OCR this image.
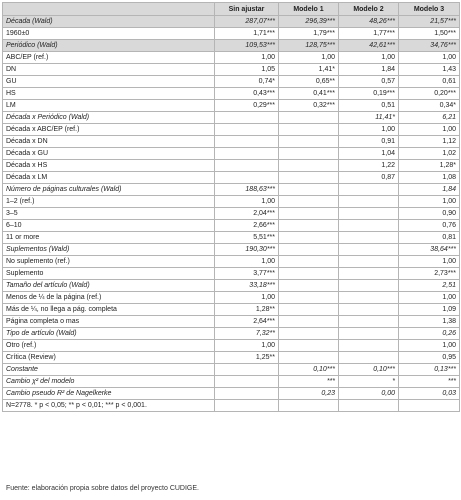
	Sin ajustar	Modelo 1	Modelo 2	Modelo 3
Década (Wald)	287,07***	296,39***	48,26***	21,57***
1960±0	1,71***	1,79***	1,77***	1,50***
Periódico (Wald)	109,53***	128,75***	42,61***	34,76***
ABC/EP (ref.)	1,00	1,00	1,00	1,00
DN	1,05	1,41*	1,84	1,43
GU	0,74*	0,65**	0,57	0,61
HS	0,43***	0,41***	0,19***	0,20***
LM	0,29***	0,32***	0,51	0,34*
Década x Periódico (Wald)			11,41*	6,21
Década x ABC/EP (ref.)			1,00	1,00
Década x DN			0,91	1,12
Década x GU			1,04	1,02
Década x HS			1,22	1,28*
Década x LM			0,87	1,08
Número de páginas culturales (Wald)	188,63***			1,84
1–2 (ref.)	1,00			1,00
3–5	2,04***			0,90
6–10	2,66***			0,76
11 or more	5,51***			0,81
Suplementos (Wald)	190,30***			38,64***
No suplemento (ref.)	1,00			1,00
Suplemento	3,77***			2,73***
Tamaño del artículo (Wald)	33,18***			2,51
Menos de ¼ de la página (ref.)	1,00			1,00
Más de ¼, no llega a pág. completa	1,28**			1,09
Página completa o mas	2,64***			1,38
Tipo de artículo (Wald)	7,32**			0,26
Otro (ref.)	1,00			1,00
Crítica (Review)	1,25**			0,95
Constante		0,10***	0,10***	0,13***
Cambio χ² del modelo		***	*	***
Cambio pseudo R² de Nagelkerke		0,23	0,00	0,03
N=2778. * p < 0,05; ** p < 0,01; *** p < 0,001.				
Fuente: elaboración propia sobre datos del proyecto CUDIGE.
